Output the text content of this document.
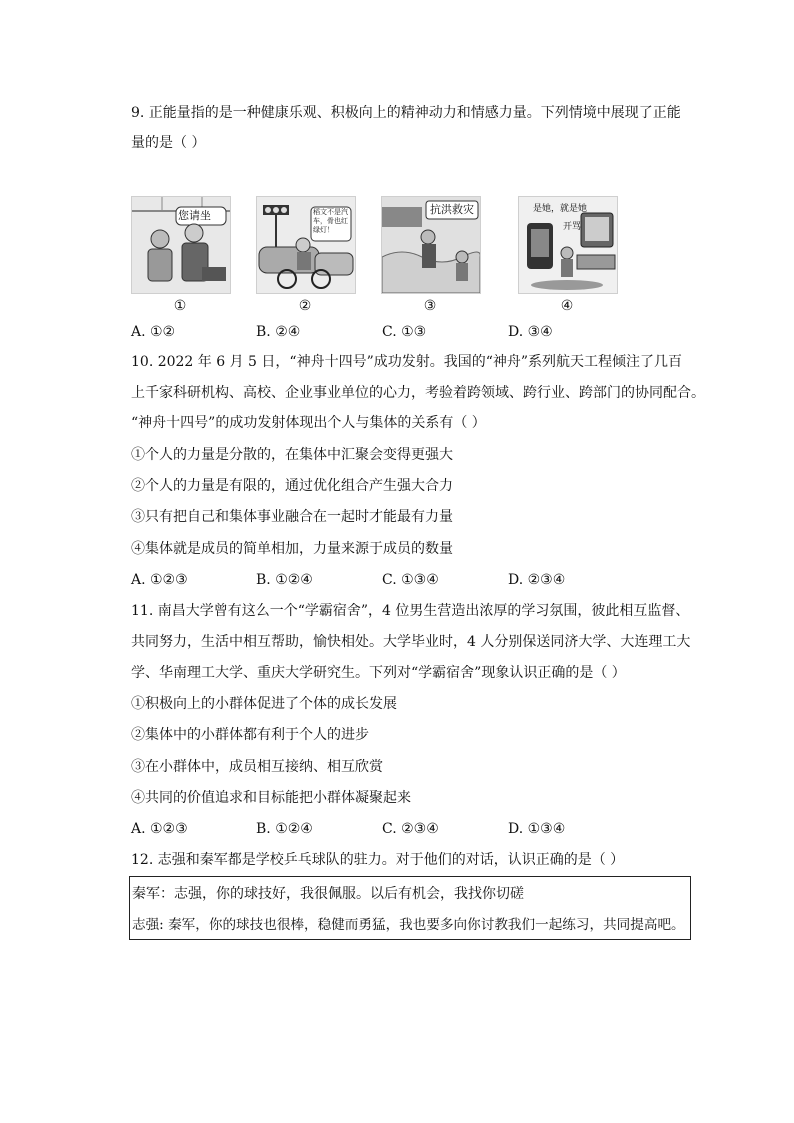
9. 正能量指的是一种健康乐观、积极向上的精神动力和情感力量。下列情境中展现了正能
量的是（ ）
您请坐
①
稻文不是汽车，骨也红绿灯！
②
抗洪救灾
③
是她，就是她
开骂
④
A. ①②	B. ②④	C. ①③	D. ③④
10. 2022 年 6 月 5 日，“神舟十四号”成功发射。我国的“神舟”系列航天工程倾注了几百
上千家科研机构、高校、企业事业单位的心力，考验着跨领域、跨行业、跨部门的协同配合。
“神舟十四号”的成功发射体现出个人与集体的关系有（ ）
①个人的力量是分散的，在集体中汇聚会变得更强大
②个人的力量是有限的，通过优化组合产生强大合力
③只有把自己和集体事业融合在一起时才能最有力量
④集体就是成员的简单相加，力量来源于成员的数量
A. ①②③	B. ①②④	C. ①③④	D. ②③④
11. 南昌大学曾有这么一个“学霸宿舍”，4 位男生营造出浓厚的学习氛围，彼此相互监督、
共同努力，生活中相互帮助，愉快相处。大学毕业时，4 人分别保送同济大学、大连理工大
学、华南理工大学、重庆大学研究生。下列对“学霸宿舍”现象认识正确的是（ ）
①积极向上的小群体促进了个体的成长发展
②集体中的小群体都有利于个人的进步
③在小群体中，成员相互接纳、相互欣赏
④共同的价值追求和目标能把小群体凝聚起来
A. ①②③	B. ①②④	C. ②③④	D. ①③④
12. 志强和秦军都是学校乒乓球队的驻力。对于他们的对话，认识正确的是（ ）
秦军：志强，你的球技好，我很佩服。以后有机会，我找你切磋
志强: 秦军，你的球技也很棒，稳健而勇猛，我也要多向你讨教我们一起练习，共同提高吧。
